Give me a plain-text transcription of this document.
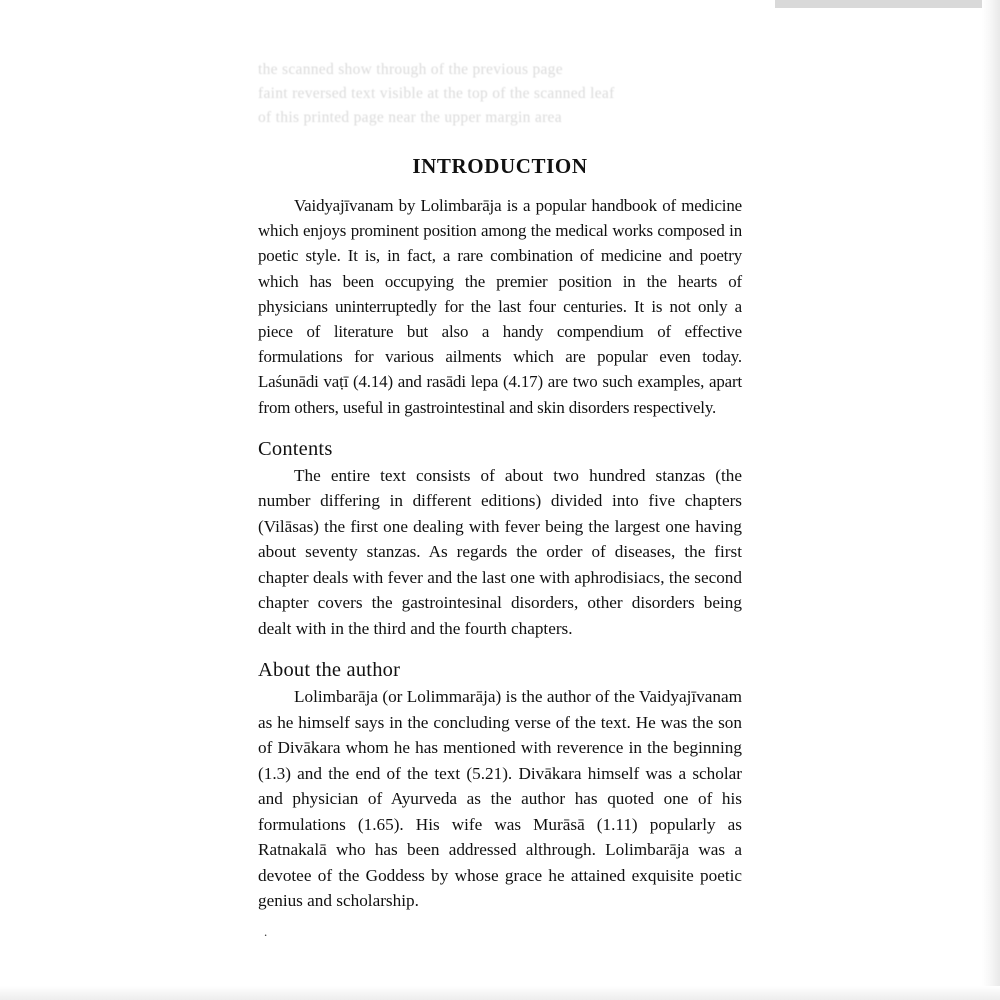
the scanned show through of the previous page
faint reversed text visible at the top of the scanned leaf
of this printed page near the upper margin area
INTRODUCTION

Vaidyajīvanam by Lolimbarāja is a popular handbook of medicine which enjoys prominent position among the medical works composed in poetic style. It is, in fact, a rare combination of medicine and poetry which has been occupying the premier position in the hearts of physicians uninterruptedly for the last four centuries. It is not only a piece of literature but also a handy compendium of effective formulations for various ailments which are popular even today. Laśunādi vaṭī (4.14) and rasādi lepa (4.17) are two such examples, apart from others, useful in gastrointestinal and skin disorders respectively.

Contents

The entire text consists of about two hundred stanzas (the number differing in different editions) divided into five chapters (Vilāsas) the first one dealing with fever being the largest one having about seventy stanzas. As regards the order of diseases, the first chapter deals with fever and the last one with aphrodisiacs, the second chapter covers the gastrointesinal disorders, other disorders being dealt with in the third and the fourth chapters.

About the author

Lolimbarāja (or Lolimmarāja) is the author of the Vaidyajīvanam as he himself says in the concluding verse of the text. He was the son of Divākara whom he has mentioned with reverence in the beginning (1.3) and the end of the text (5.21). Divākara himself was a scholar and physician of Ayurveda as the author has quoted one of his formulations (1.65). His wife was Murāsā (1.11) popularly as Ratnakalā who has been addressed althrough. Lolimbarāja was a devotee of the Goddess by whose grace he attained exquisite poetic genius and scholarship.

.
